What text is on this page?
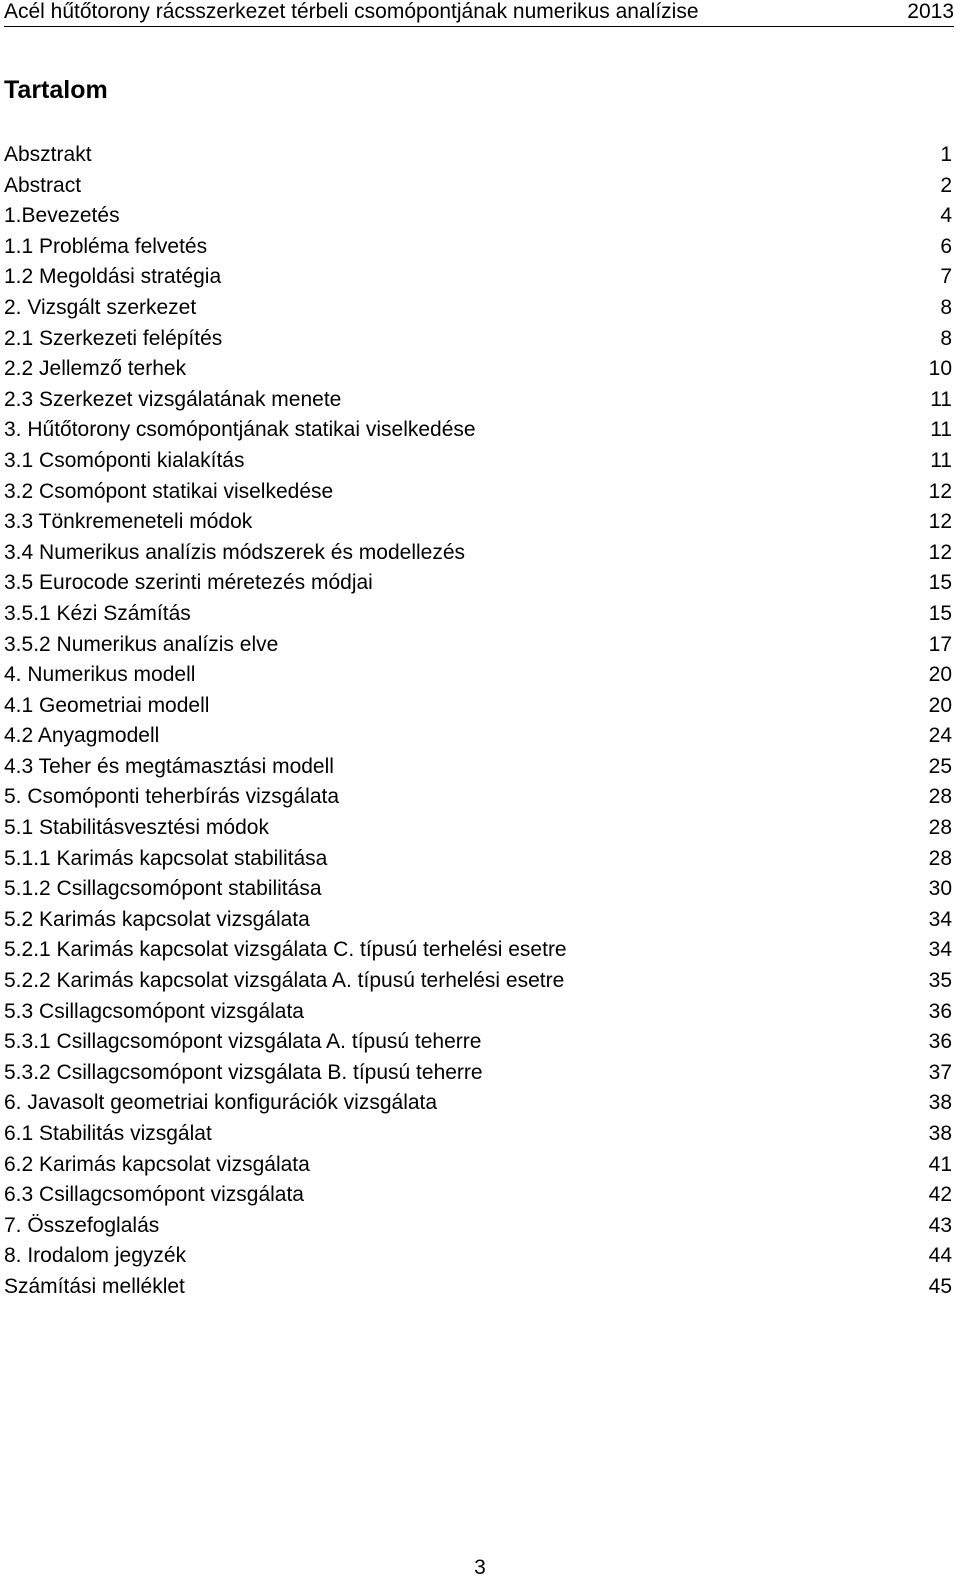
Acél hűtőtorony rácsszerkezet térbeli csomópontjának numerikus analízise	2013
Tartalom
Absztrakt	1
Abstract	2
1.Bevezetés	4
1.1 Probléma felvetés	6
1.2 Megoldási stratégia	7
2. Vizsgált szerkezet	8
2.1 Szerkezeti felépítés	8
2.2 Jellemző terhek	10
2.3 Szerkezet vizsgálatának menete	11
3. Hűtőtorony csomópontjának statikai viselkedése	11
3.1 Csomóponti kialakítás	11
3.2 Csomópont statikai viselkedése	12
3.3 Tönkremeneteli módok	12
3.4 Numerikus analízis módszerek és modellezés	12
3.5 Eurocode szerinti méretezés módjai	15
3.5.1 Kézi Számítás	15
3.5.2 Numerikus analízis elve	17
4. Numerikus modell	20
4.1 Geometriai modell	20
4.2 Anyagmodell	24
4.3 Teher és megtámasztási modell	25
5. Csomóponti teherbírás vizsgálata	28
5.1 Stabilitásvesztési módok	28
5.1.1 Karimás kapcsolat stabilitása	28
5.1.2 Csillagcsomópont stabilitása	30
5.2 Karimás kapcsolat vizsgálata	34
5.2.1 Karimás kapcsolat vizsgálata C. típusú terhelési esetre	34
5.2.2 Karimás kapcsolat vizsgálata A. típusú terhelési esetre	35
5.3 Csillagcsomópont vizsgálata	36
5.3.1 Csillagcsomópont vizsgálata A. típusú teherre	36
5.3.2 Csillagcsomópont vizsgálata B. típusú teherre	37
6. Javasolt geometriai konfigurációk vizsgálata	38
6.1 Stabilitás vizsgálat	38
6.2 Karimás kapcsolat vizsgálata	41
6.3 Csillagcsomópont vizsgálata	42
7. Összefoglalás	43
8. Irodalom jegyzék	44
Számítási melléklet	45
3
